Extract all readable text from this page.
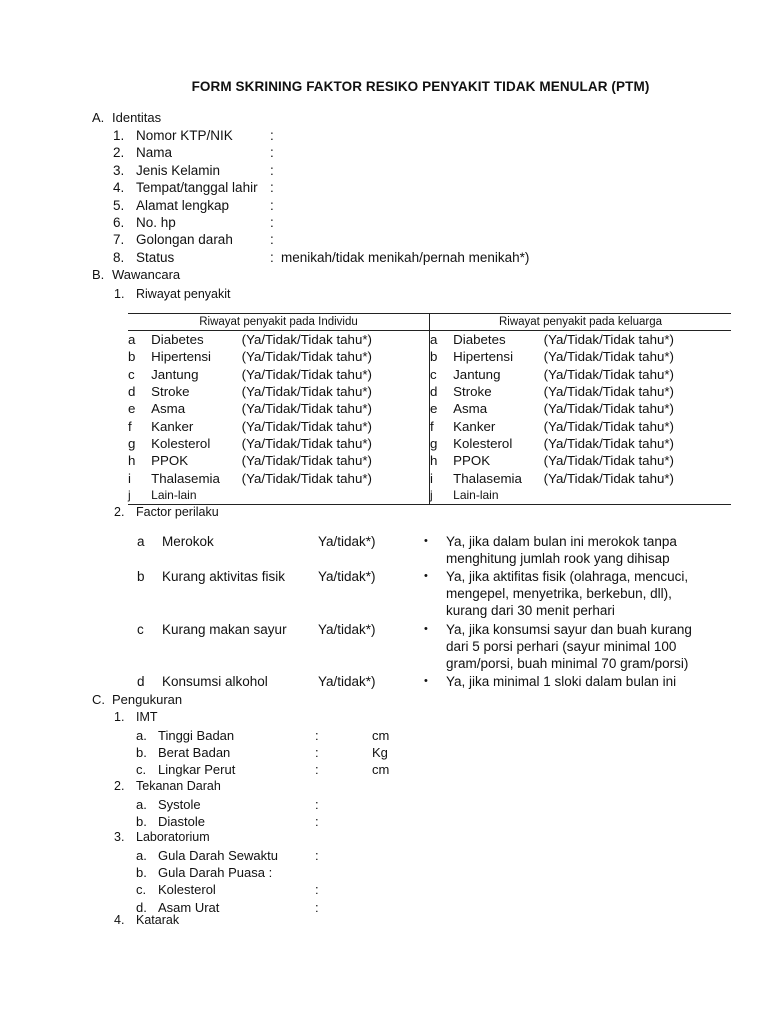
FORM SKRINING FAKTOR RESIKO PENYAKIT TIDAK MENULAR (PTM)
A. Identitas
1. Nomor KTP/NIK	:
2. Nama	:
3. Jenis Kelamin	:
4. Tempat/tanggal lahir :
5. Alamat lengkap	:
6. No. hp	:
7. Golongan darah	:
8. Status	: menikah/tidak menikah/pernah menikah*)
B. Wawancara
1. Riwayat penyakit
Riwayat penyakit pada Individu			Riwayat penyakit pada keluarga		
a	Diabetes	(Ya/Tidak/Tidak tahu*)	a	Diabetes	(Ya/Tidak/Tidak tahu*)
b	Hipertensi	(Ya/Tidak/Tidak tahu*)	b	Hipertensi	(Ya/Tidak/Tidak tahu*)
c	Jantung	(Ya/Tidak/Tidak tahu*)	c	Jantung	(Ya/Tidak/Tidak tahu*)
d	Stroke	(Ya/Tidak/Tidak tahu*)	d	Stroke	(Ya/Tidak/Tidak tahu*)
e	Asma	(Ya/Tidak/Tidak tahu*)	e	Asma	(Ya/Tidak/Tidak tahu*)
f	Kanker	(Ya/Tidak/Tidak tahu*)	f	Kanker	(Ya/Tidak/Tidak tahu*)
g	Kolesterol	(Ya/Tidak/Tidak tahu*)	g	Kolesterol	(Ya/Tidak/Tidak tahu*)
h	PPOK	(Ya/Tidak/Tidak tahu*)	h	PPOK	(Ya/Tidak/Tidak tahu*)
i	Thalasemia	(Ya/Tidak/Tidak tahu*)	i	Thalasemia	(Ya/Tidak/Tidak tahu*)
j	Lain-lain		j	Lain-lain	
2. Factor perilaku
a Merokok	Ya/tidak*)	• Ya, jika dalam bulan ini merokok tanpa
menghitung jumlah rook yang dihisap
b Kurang aktivitas fisik Ya/tidak*)	• Ya, jika aktifitas fisik (olahraga, mencuci,
mengepel, menyetrika, berkebun, dll),
kurang dari 30 menit perhari
c Kurang makan sayur Ya/tidak*)	• Ya, jika konsumsi sayur dan buah kurang
dari 5 porsi perhari (sayur minimal 100
gram/porsi, buah minimal 70 gram/porsi)
d Konsumsi alkohol	Ya/tidak*)	• Ya, jika minimal 1 sloki dalam bulan ini
C. Pengukuran
1. IMT
a. Tinggi Badan	:	cm
b. Berat Badan	:	Kg
c. Lingkar Perut	:	cm
2. Tekanan Darah
a. Systole	:
b. Diastole	:
3. Laboratorium
a. Gula Darah Sewaktu	:
b. Gula Darah Puasa :
c. Kolesterol	:
d. Asam Urat	:
4. Katarak
